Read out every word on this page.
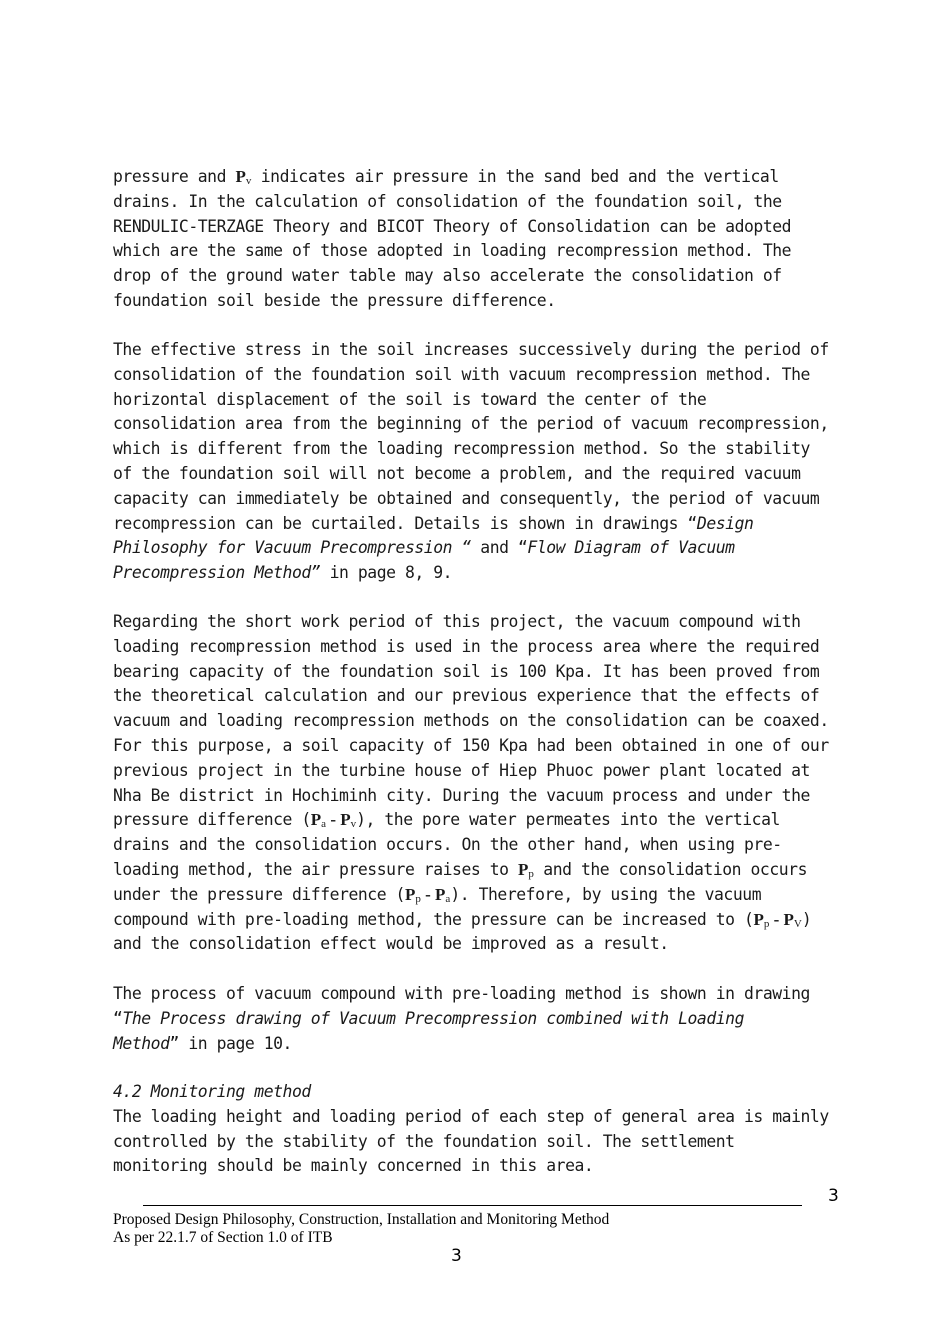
pressure and Pv indicates air pressure in the sand bed and the vertical
drains. In the calculation of consolidation of the foundation soil, the
RENDULIC-TERZAGE Theory and BICOT Theory of Consolidation can be adopted
which are the same of those adopted in loading recompression method. The
drop of the ground water table may also accelerate the consolidation of
foundation soil beside the pressure difference.
The effective stress in the soil increases successively during the period of
consolidation of the foundation soil with vacuum recompression method. The
horizontal displacement of the soil is toward the center of the
consolidation area from the beginning of the period of vacuum recompression,
which is different from the loading recompression method. So the stability
of the foundation soil will not become a problem, and the required vacuum
capacity can immediately be obtained and consequently, the period of vacuum
recompression can be curtailed. Details is shown in drawings “Design
Philosophy for Vacuum Precompression “ and “Flow Diagram of Vacuum
Precompression Method” in page 8, 9.
Regarding the short work period of this project, the vacuum compound with
loading recompression method is used in the process area where the required
bearing capacity of the foundation soil is 100 Kpa. It has been proved from
the theoretical calculation and our previous experience that the effects of
vacuum and loading recompression methods on the consolidation can be coaxed.
For this purpose, a soil capacity of 150 Kpa had been obtained in one of our
previous project in the turbine house of Hiep Phuoc power plant located at
Nha Be district in Hochiminh city. During the vacuum process and under the
pressure difference (Pa - Pv), the pore water permeates into the vertical
drains and the consolidation occurs. On the other hand, when using pre-
loading method, the air pressure raises to Pp and the consolidation occurs
under the pressure difference (Pp - Pa). Therefore, by using the vacuum
compound with pre-loading method, the pressure can be increased to (Pp - PV)
and the consolidation effect would be improved as a result.
The process of vacuum compound with pre-loading method is shown in drawing
“The Process drawing of Vacuum Precompression combined with Loading
Method” in page 10.
4.2 Monitoring method
The loading height and loading period of each step of general area is mainly
controlled by the stability of the foundation soil. The settlement
monitoring should be mainly concerned in this area.
3
Proposed Design Philosophy, Construction, Installation and Monitoring Method
As per 22.1.7 of Section 1.0 of ITB
3
